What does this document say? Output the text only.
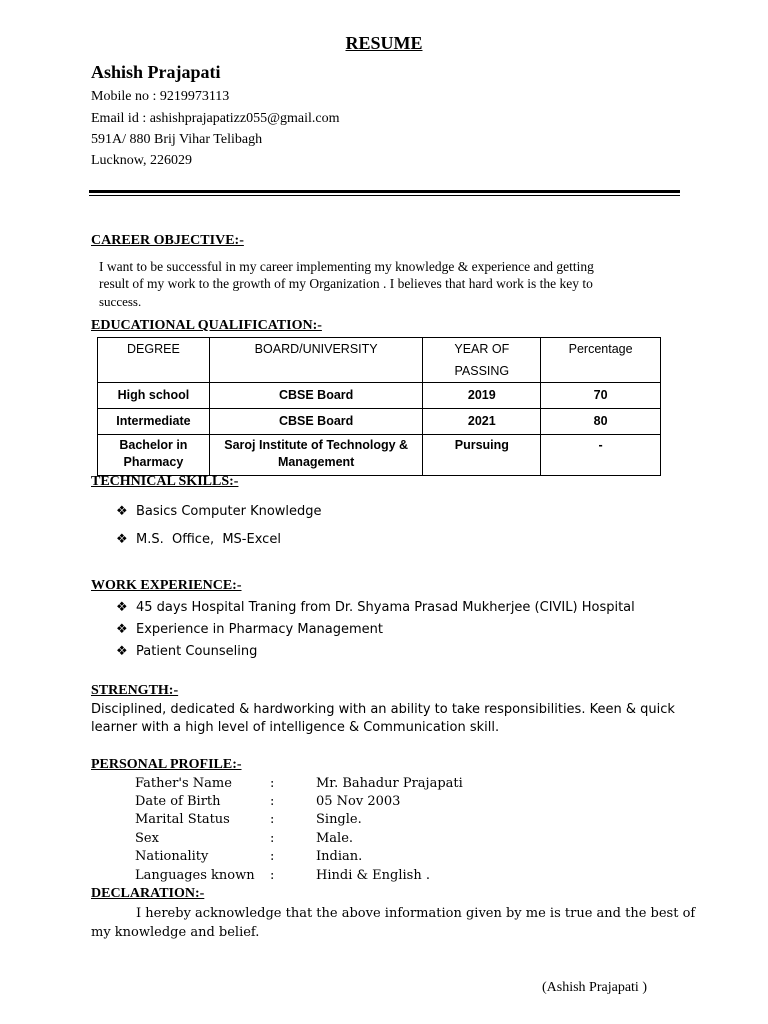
RESUME
Ashish Prajapati
Mobile no : 9219973113
Email id : ashishprajapatizz055@gmail.com
591A/ 880 Brij Vihar Telibagh
Lucknow, 226029
CAREER OBJECTIVE:-
I want to be successful in my career implementing my knowledge & experience and getting
result of my work to the growth of my Organization . I believes that hard work is the key to
success.
EDUCATIONAL QUALIFICATION:-
DEGREE	BOARD/UNIVERSITY	YEAR OF PASSING	Percentage
High school	CBSE Board	2019	70
Intermediate	CBSE Board	2021	80
Bachelor in Pharmacy	Saroj Institute of Technology & Management	Pursuing	-
TECHNICAL SKILLS:-
❖ Basics Computer Knowledge
❖ M.S.  Office,  MS-Excel
WORK EXPERIENCE:-
❖ 45 days Hospital Traning from Dr. Shyama Prasad Mukherjee (CIVIL) Hospital
❖ Experience in Pharmacy Management
❖ Patient Counseling
STRENGTH:-
Disciplined, dedicated & hardworking with an ability to take responsibilities. Keen & quick
learner with a high level of intelligence & Communication skill.
PERSONAL PROFILE:-
Father's Name	:	Mr. Bahadur Prajapati
Date of Birth	:	05 Nov 2003
Marital Status	:	Single.
Sex	:	Male.
Nationality	:	Indian.
Languages known :	Hindi & English .
DECLARATION:-
I hereby acknowledge that the above information given by me is true and the best of
my knowledge and belief.
(Ashish Prajapati )
